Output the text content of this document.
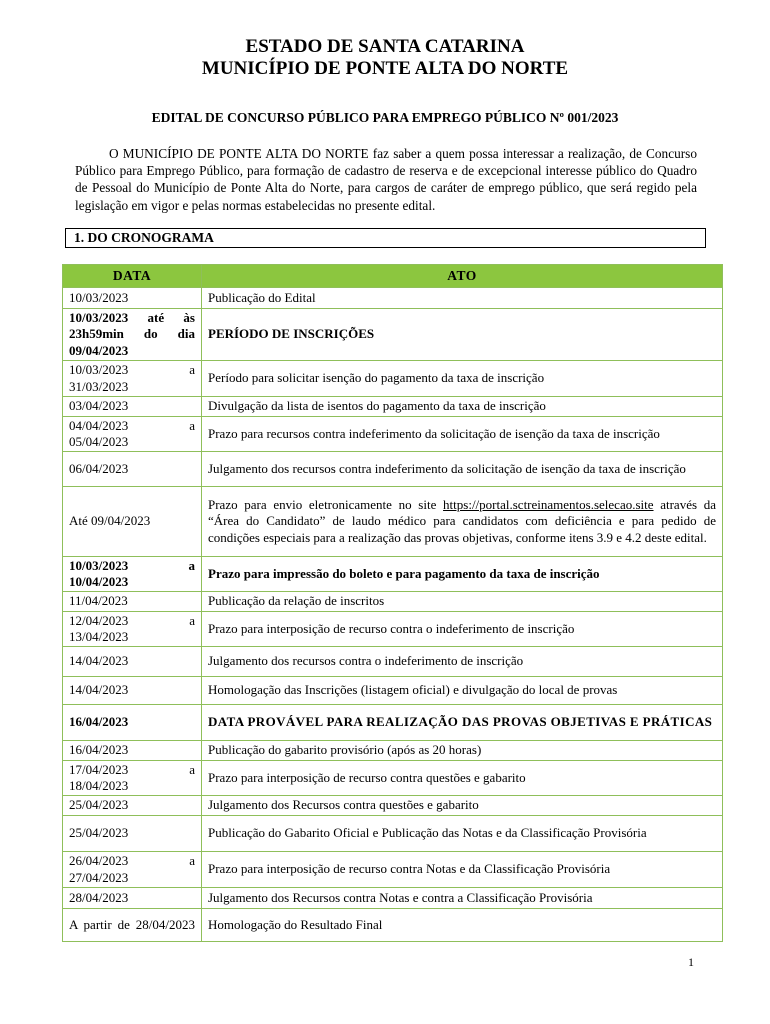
ESTADO DE SANTA CATARINA
MUNICÍPIO DE PONTE ALTA DO NORTE
EDITAL DE CONCURSO PÚBLICO PARA EMPREGO PÚBLICO Nº 001/2023
O MUNICÍPIO DE PONTE ALTA DO NORTE faz saber a quem possa interessar a realização, de Concurso Público para Emprego Público, para formação de cadastro de reserva e de excepcional interesse público do Quadro de Pessoal do Município de Ponte Alta do Norte, para cargos de caráter de emprego público, que será regido pela legislação em vigor e pelas normas estabelecidas no presente edital.
1. DO CRONOGRAMA
DATA	ATO
10/03/2023	Publicação do Edital
10/03/2023 até às 23h59min do dia 09/04/2023	PERÍODO DE INSCRIÇÕES
10/03/2023 a 31/03/2023	Período para solicitar isenção do pagamento da taxa de inscrição
03/04/2023	Divulgação da lista de isentos do pagamento da taxa de inscrição
04/04/2023 a 05/04/2023	Prazo para recursos contra indeferimento da solicitação de isenção da taxa de inscrição
06/04/2023	Julgamento dos recursos contra indeferimento da solicitação de isenção da taxa de inscrição
Até 09/04/2023	Prazo para envio eletronicamente no site https://portal.sctreinamentos.selecao.site através da “Área do Candidato” de laudo médico para candidatos com deficiência e para pedido de condições especiais para a realização das provas objetivas, conforme itens 3.9 e 4.2 deste edital.
10/03/2023 a 10/04/2023	Prazo para impressão do boleto e para pagamento da taxa de inscrição
11/04/2023	Publicação da relação de inscritos
12/04/2023 a 13/04/2023	Prazo para interposição de recurso contra o indeferimento de inscrição
14/04/2023	Julgamento dos recursos contra o indeferimento de inscrição
14/04/2023	Homologação das Inscrições (listagem oficial) e divulgação do local de provas
16/04/2023	DATA PROVÁVEL PARA REALIZAÇÃO DAS PROVAS OBJETIVAS E PRÁTICAS
16/04/2023	Publicação do gabarito provisório (após as 20 horas)
17/04/2023 a 18/04/2023	Prazo para interposição de recurso contra questões e gabarito
25/04/2023	Julgamento dos Recursos contra questões e gabarito
25/04/2023	Publicação do Gabarito Oficial e Publicação das Notas e da Classificação Provisória
26/04/2023 a 27/04/2023	Prazo para interposição de recurso contra Notas e da Classificação Provisória
28/04/2023	Julgamento dos Recursos contra Notas e contra a Classificação Provisória
A partir de 28/04/2023	Homologação do Resultado Final
1
